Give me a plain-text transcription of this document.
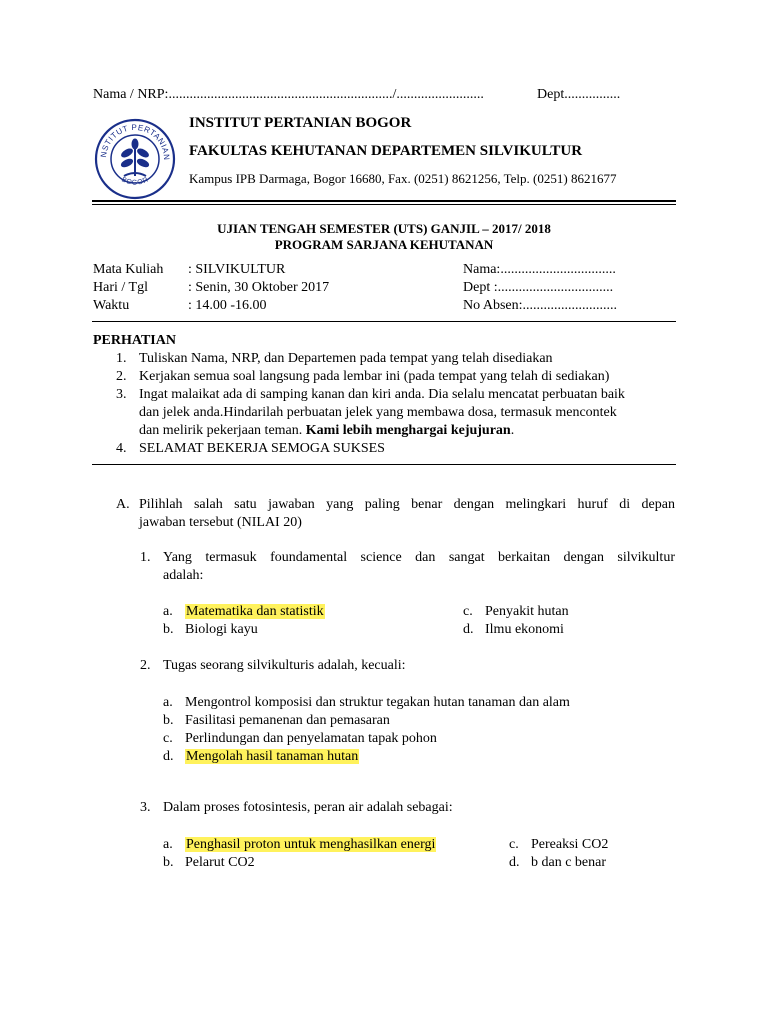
Nama / NRP:................................................................/.........................	Dept................
NSTITUT PERTANIAN
BOGOR
INSTITUT PERTANIAN BOGOR
FAKULTAS KEHUTANAN DEPARTEMEN SILVIKULTUR
Kampus IPB Darmaga, Bogor 16680, Fax. (0251) 8621256, Telp. (0251) 8621677
UJIAN TENGAH SEMESTER (UTS) GANJIL – 2017/ 2018
PROGRAM SARJANA KEHUTANAN
Mata Kuliah : SILVIKULTUR	Nama:.................................
Hari / Tgl	: Senin, 30 Oktober 2017	Dept :.................................
Waktu	: 14.00 -16.00	No Absen:...........................
PERHATIAN
1. Tuliskan Nama, NRP, dan Departemen pada tempat yang telah disediakan
2. Kerjakan semua soal langsung pada lembar ini (pada tempat yang telah di sediakan)
3. Ingat malaikat ada di samping kanan dan kiri anda. Dia selalu mencatat perbuatan baik
dan jelek anda.Hindarilah perbuatan jelek yang membawa dosa, termasuk mencontek
dan melirik pekerjaan teman. Kami lebih menghargai kejujuran.
4. SELAMAT BEKERJA SEMOGA SUKSES
A. Pilihlah salah satu jawaban yang paling benar dengan melingkari huruf di depan
jawaban tersebut (NILAI 20)
1. Yang termasuk foundamental science dan sangat berkaitan dengan silvikultur
adalah:
a. Matematika dan statistik
b. Biologi kayu
c. Penyakit hutan
d. Ilmu ekonomi
2. Tugas seorang silvikulturis adalah, kecuali:
a. Mengontrol komposisi dan struktur tegakan hutan tanaman dan alam
b. Fasilitasi pemanenan dan pemasaran
c. Perlindungan dan penyelamatan tapak pohon
d. Mengolah hasil tanaman hutan
3. Dalam proses fotosintesis, peran air adalah sebagai:
a. Penghasil proton untuk menghasilkan energi
b. Pelarut CO2
c. Pereaksi CO2
d. b dan c benar
